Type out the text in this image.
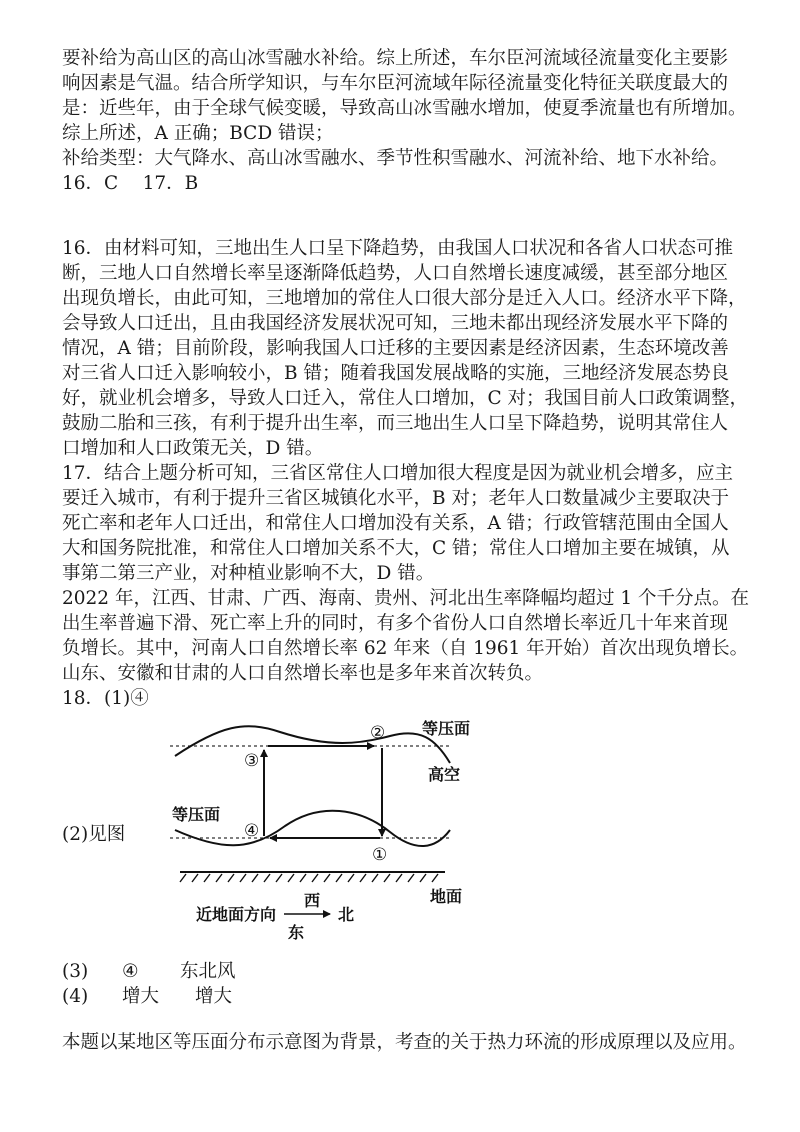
要补给为高山区的高山冰雪融水补给。综上所述，车尔臣河流域径流量变化主要影
响因素是气温。结合所学知识，与车尔臣河流域年际径流量变化特征关联度最大的
是：近些年，由于全球气候变暖，导致高山冰雪融水增加，使夏季流量也有所增加。
综上所述，A 正确；BCD 错误；
补给类型：大气降水、高山冰雪融水、季节性积雪融水、河流补给、地下水补给。
16．C　 17．B
16．由材料可知，三地出生人口呈下降趋势，由我国人口状况和各省人口状态可推
断，三地人口自然增长率呈逐渐降低趋势，人口自然增长速度减缓，甚至部分地区
出现负增长，由此可知，三地增加的常住人口很大部分是迁入人口。经济水平下降，
会导致人口迁出，且由我国经济发展状况可知，三地未都出现经济发展水平下降的
情况，A 错；目前阶段，影响我国人口迁移的主要因素是经济因素，生态环境改善
对三省人口迁入影响较小，B 错；随着我国发展战略的实施，三地经济发展态势良
好，就业机会增多，导致人口迁入，常住人口增加，C 对；我国目前人口政策调整，
鼓励二胎和三孩，有利于提升出生率，而三地出生人口呈下降趋势，说明其常住人
口增加和人口政策无关，D 错。
17．结合上题分析可知，三省区常住人口增加很大程度是因为就业机会增多，应主
要迁入城市，有利于提升三省区城镇化水平，B 对；老年人口数量减少主要取决于
死亡率和老年人口迁出，和常住人口增加没有关系，A 错；行政管辖范围由全国人
大和国务院批准，和常住人口增加关系不大，C 错；常住人口增加主要在城镇，从
事第二第三产业，对种植业影响不大，D 错。
2022 年，江西、甘肃、广西、海南、贵州、河北出生率降幅均超过 1 个千分点。在
出生率普遍下滑、死亡率上升的同时，有多个省份人口自然增长率近几十年来首现
负增长。其中，河南人口自然增长率 62 年来（自 1961 年开始）首次出现负增长。
山东、安徽和甘肃的人口自然增长率也是多年来首次转负。
18．(1)④
(2)见图
等压面
高空
等压面
地面
②
③
④
①
近地面方向
西
东
北
(3) ④ 东北风
(4) 增大 增大
本题以某地区等压面分布示意图为背景，考查的关于热力环流的形成原理以及应用。
